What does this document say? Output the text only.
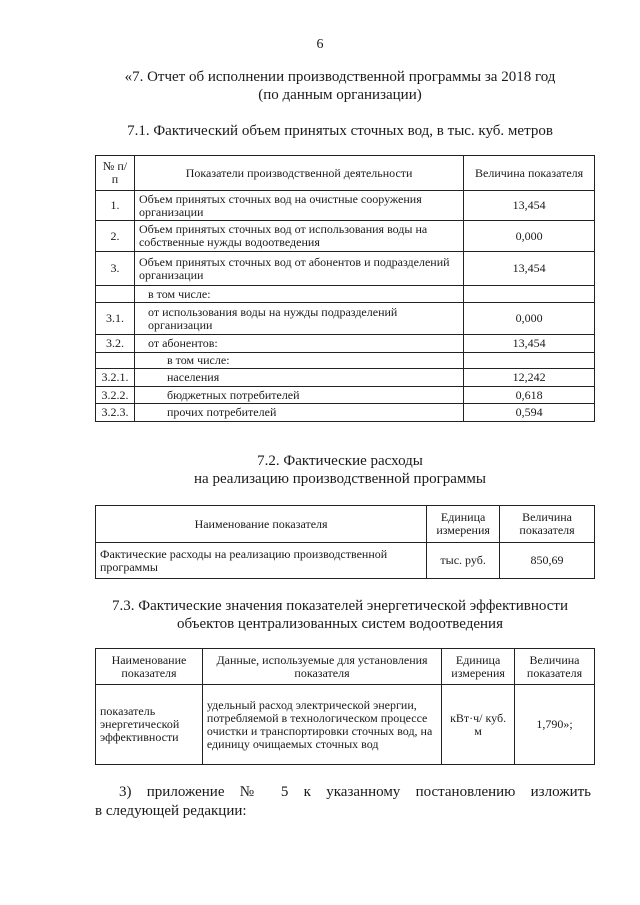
6
«7. Отчет об исполнении производственной программы за 2018 год
(по данным организации)
7.1. Фактический объем принятых сточных вод, в тыс. куб. метров
№ п/п	Показатели производственной деятельности	Величина показателя
1.	Объем принятых сточных вод на очистные сооружения организации	13,454
2.	Объем принятых сточных вод от использования воды на собственные нужды водоотведения	0,000
3.	Объем принятых сточных вод от абонентов и подразделений организации	13,454
	в том числе:	
3.1.	от использования воды на нужды подразделений организации	0,000
3.2.	от абонентов:	13,454
	в том числе:	
3.2.1.	населения	12,242
3.2.2.	бюджетных потребителей	0,618
3.2.3.	прочих потребителей	0,594
7.2. Фактические расходы
на реализацию производственной программы
Наименование показателя	Единица измерения	Величина показателя
Фактические расходы на реализацию производственной программы	тыс. руб.	850,69
7.3. Фактические значения показателей энергетической эффективности
объектов централизованных систем водоотведения
Наименование показателя	Данные, используемые для установления показателя	Единица измерения	Величина показателя
показатель энергетической эффективности	удельный расход электрической энергии, потребляемой в технологическом процессе очистки и транспортировки сточных вод, на единицу очищаемых сточных вод	кВт·ч/ куб. м	1,790»;
3) приложение № 5 к указанному постановлению изложить
в следующей редакции:
